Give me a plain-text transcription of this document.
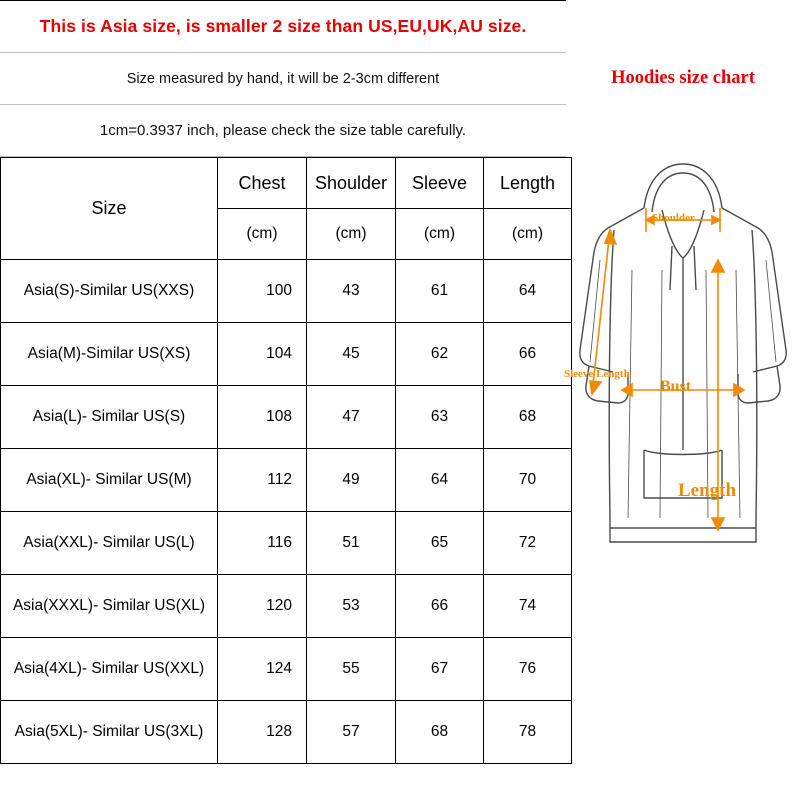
This is Asia size, is smaller 2 size than US,EU,UK,AU size.
Size measured by hand, it will be 2-3cm different
1cm=0.3937 inch, please check the size table carefully.
Size	Chest	Shoulder	Sleeve	Length
	(cm)	(cm)	(cm)	(cm)
Asia(S)-Similar US(XXS)	100	43	61	64
Asia(M)-Similar US(XS)	104	45	62	66
Asia(L)- Similar US(S)	108	47	63	68
Asia(XL)- Similar US(M)	112	49	64	70
Asia(XXL)- Similar US(L)	116	51	65	72
Asia(XXXL)- Similar US(XL)	120	53	66	74
Asia(4XL)- Similar US(XXL)	124	55	67	76
Asia(5XL)- Similar US(3XL)	128	57	68	78
Hoodies size chart
Shoulder
Sleeve Length
Bust
Length
